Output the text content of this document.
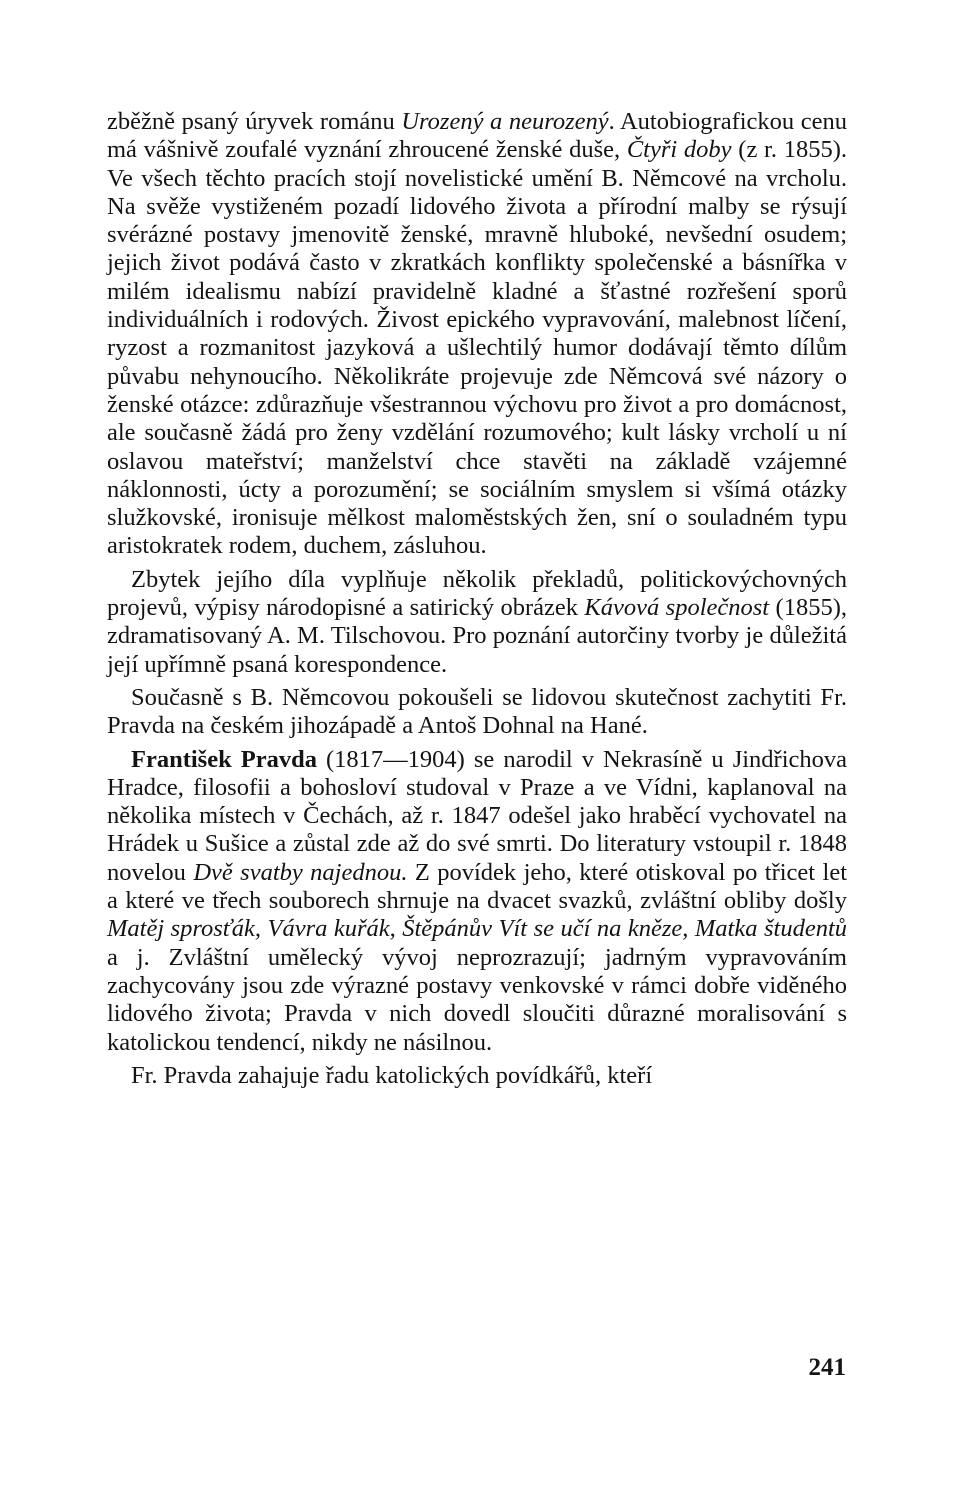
zběžně psaný úryvek románu Urozený a neurozený. Autobiografickou cenu má vášnivě zoufalé vyznání zhroucené ženské duše, Čtyři doby (z r. 1855). Ve všech těchto pracích stojí novelistické umění B. Němcové na vrcholu. Na svěže vystiženém pozadí lidového života a přírodní malby se rýsují svérázné postavy jmenovitě ženské, mravně hluboké, nevšední osudem; jejich život podává často v zkratkách konflikty společenské a básnířka v milém idealismu nabízí pravidelně kladné a šťastné rozřešení sporů individuálních i rodových. Živost epického vypravování, malebnost líčení, ryzost a rozmanitost jazyková a ušlechtilý humor dodávají těmto dílům půvabu nehynoucího. Několikráte projevuje zde Němcová své názory o ženské otázce: zdůrazňuje všestrannou výchovu pro život a pro domácnost, ale současně žádá pro ženy vzdělání rozumového; kult lásky vrcholí u ní oslavou mateřství; manželství chce stavěti na základě vzájemné náklonnosti, úcty a porozumění; se sociálním smyslem si všímá otázky služkovské, ironisuje mělkost maloměstských žen, sní o souladném typu aristokratek rodem, duchem, zásluhou.

Zbytek jejího díla vyplňuje několik překladů, politickovýchovných projevů, výpisy národopisné a satirický obrázek Kávová společnost (1855), zdramatisovaný A. M. Tilschovou. Pro poznání autorčiny tvorby je důležitá její upřímně psaná korespondence.

Současně s B. Němcovou pokoušeli se lidovou skutečnost zachytiti Fr. Pravda na českém jihozápadě a Antoš Dohnal na Hané.

František Pravda (1817—1904) se narodil v Nekrasíně u Jindřichova Hradce, filosofii a bohosloví studoval v Praze a ve Vídni, kaplanoval na několika místech v Čechách, až r. 1847 odešel jako hraběcí vychovatel na Hrádek u Sušice a zůstal zde až do své smrti. Do literatury vstoupil r. 1848 novelou Dvě svatby najednou. Z povídek jeho, které otiskoval po třicet let a které ve třech souborech shrnuje na dvacet svazků, zvláštní obliby došly Matěj sprosťák, Vávra kuřák, Štěpánův Vít se učí na kněze, Matka študentů a j. Zvláštní umělecký vývoj neprozrazují; jadrným vypravováním zachycovány jsou zde výrazné postavy venkovské v rámci dobře viděného lidového života; Pravda v nich dovedl sloučiti důrazné moralisování s katolickou tendencí, nikdy ne násilnou.

Fr. Pravda zahajuje řadu katolických povídkářů, kteří

241
